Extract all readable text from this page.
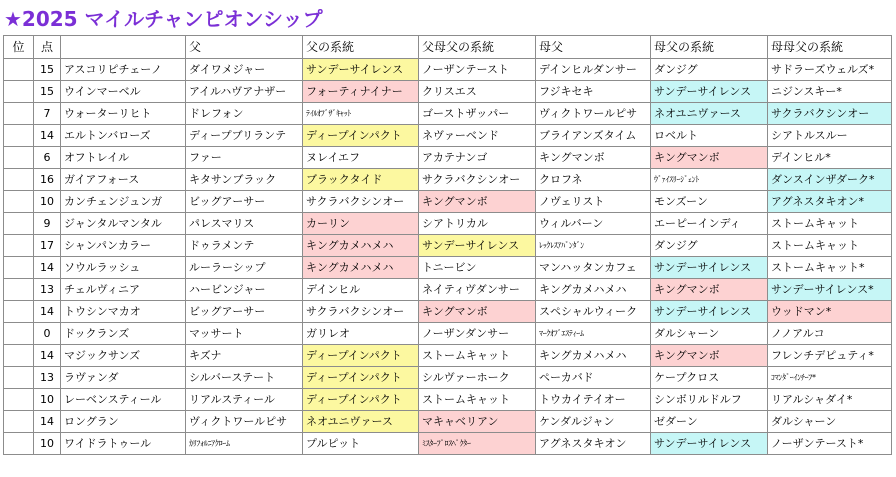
★2025 マイルチャンピオンシップ
位	点		父	父の系統	父母父の系統	母父	母父の系統	母母父の系統
	15	アスコリピチェーノ	ダイワメジャー	サンデーサイレンス	ノーザンテースト	デインヒルダンサー	ダンジグ	サドラーズウェルズ*
	15	ウインマーベル	アイルハヴアナザー	フォーティナイナー	クリスエス	フジキセキ	サンデーサイレンス	ニジンスキー*
	7	ウォーターリヒト	ドレフォン	ﾃｲﾙｵﾌﾞｻﾞｷｬｯﾄ	ゴーストザッパー	ヴィクトワールピサ	ネオユニヴァース	サクラバクシンオー
	14	エルトンバローズ	ディープブリランテ	ディープインパクト	ネヴァーベンド	ブライアンズタイム	ロベルト	シアトルスルー
	6	オフトレイル	ファー	ヌレイエフ	アカテナンゴ	キングマンボ	キングマンボ	デインヒル*
	16	ガイアフォース	キタサンブラック	ブラックタイド	サクラバクシンオー	クロフネ	ｳﾞｧｲｽﾘｰｼﾞｪﾝﾄ	ダンスインザダーク*
	10	カンチェンジュンガ	ビッグアーサー	サクラバクシンオー	キングマンボ	ノヴェリスト	モンズーン	アグネスタキオン*
	9	ジャンタルマンタル	パレスマリス	カーリン	シアトリカル	ウィルバーン	エーピーインディ	ストームキャット
	17	シャンパンカラー	ドゥラメンテ	キングカメハメハ	サンデーサイレンス	ﾚｯｸﾚｽｱﾊﾞﾝﾀﾞﾝ	ダンジグ	ストームキャット
	14	ソウルラッシュ	ルーラーシップ	キングカメハメハ	トニービン	マンハッタンカフェ	サンデーサイレンス	ストームキャット*
	13	チェルヴィニア	ハービンジャー	デインヒル	ネイティヴダンサー	キングカメハメハ	キングマンボ	サンデーサイレンス*
	14	トウシンマカオ	ビッグアーサー	サクラバクシンオー	キングマンボ	スペシャルウィーク	サンデーサイレンス	ウッドマン*
	0	ドックランズ	マッサート	ガリレオ	ノーザンダンサー	ﾏｰｸｵﾌﾞｴｽﾃｨｰﾑ	ダルシャーン	ノノアルコ
	14	マジックサンズ	キズナ	ディープインパクト	ストームキャット	キングカメハメハ	キングマンボ	フレンチデピュティ*
	13	ラヴァンダ	シルバーステート	ディープインパクト	シルヴァーホーク	ペーカバド	ケープクロス	ｺﾏﾝﾀﾞｰｲﾝﾁｰﾌ*
	10	レーベンスティール	リアルスティール	ディープインパクト	ストームキャット	トウカイテイオー	シンボリルドルフ	リアルシャダイ*
	14	ロングラン	ヴィクトワールピサ	ネオユニヴァース	マキャベリアン	ケンダルジャン	ゼダーン	ダルシャーン
	10	ワイドラトゥール	ｶﾘﾌｫﾙﾆｱｸﾛｰﾑ	プルピット	ﾐｽﾀｰﾌﾟﾛｽﾍﾟｸﾀｰ	アグネスタキオン	サンデーサイレンス	ノーザンテースト*
